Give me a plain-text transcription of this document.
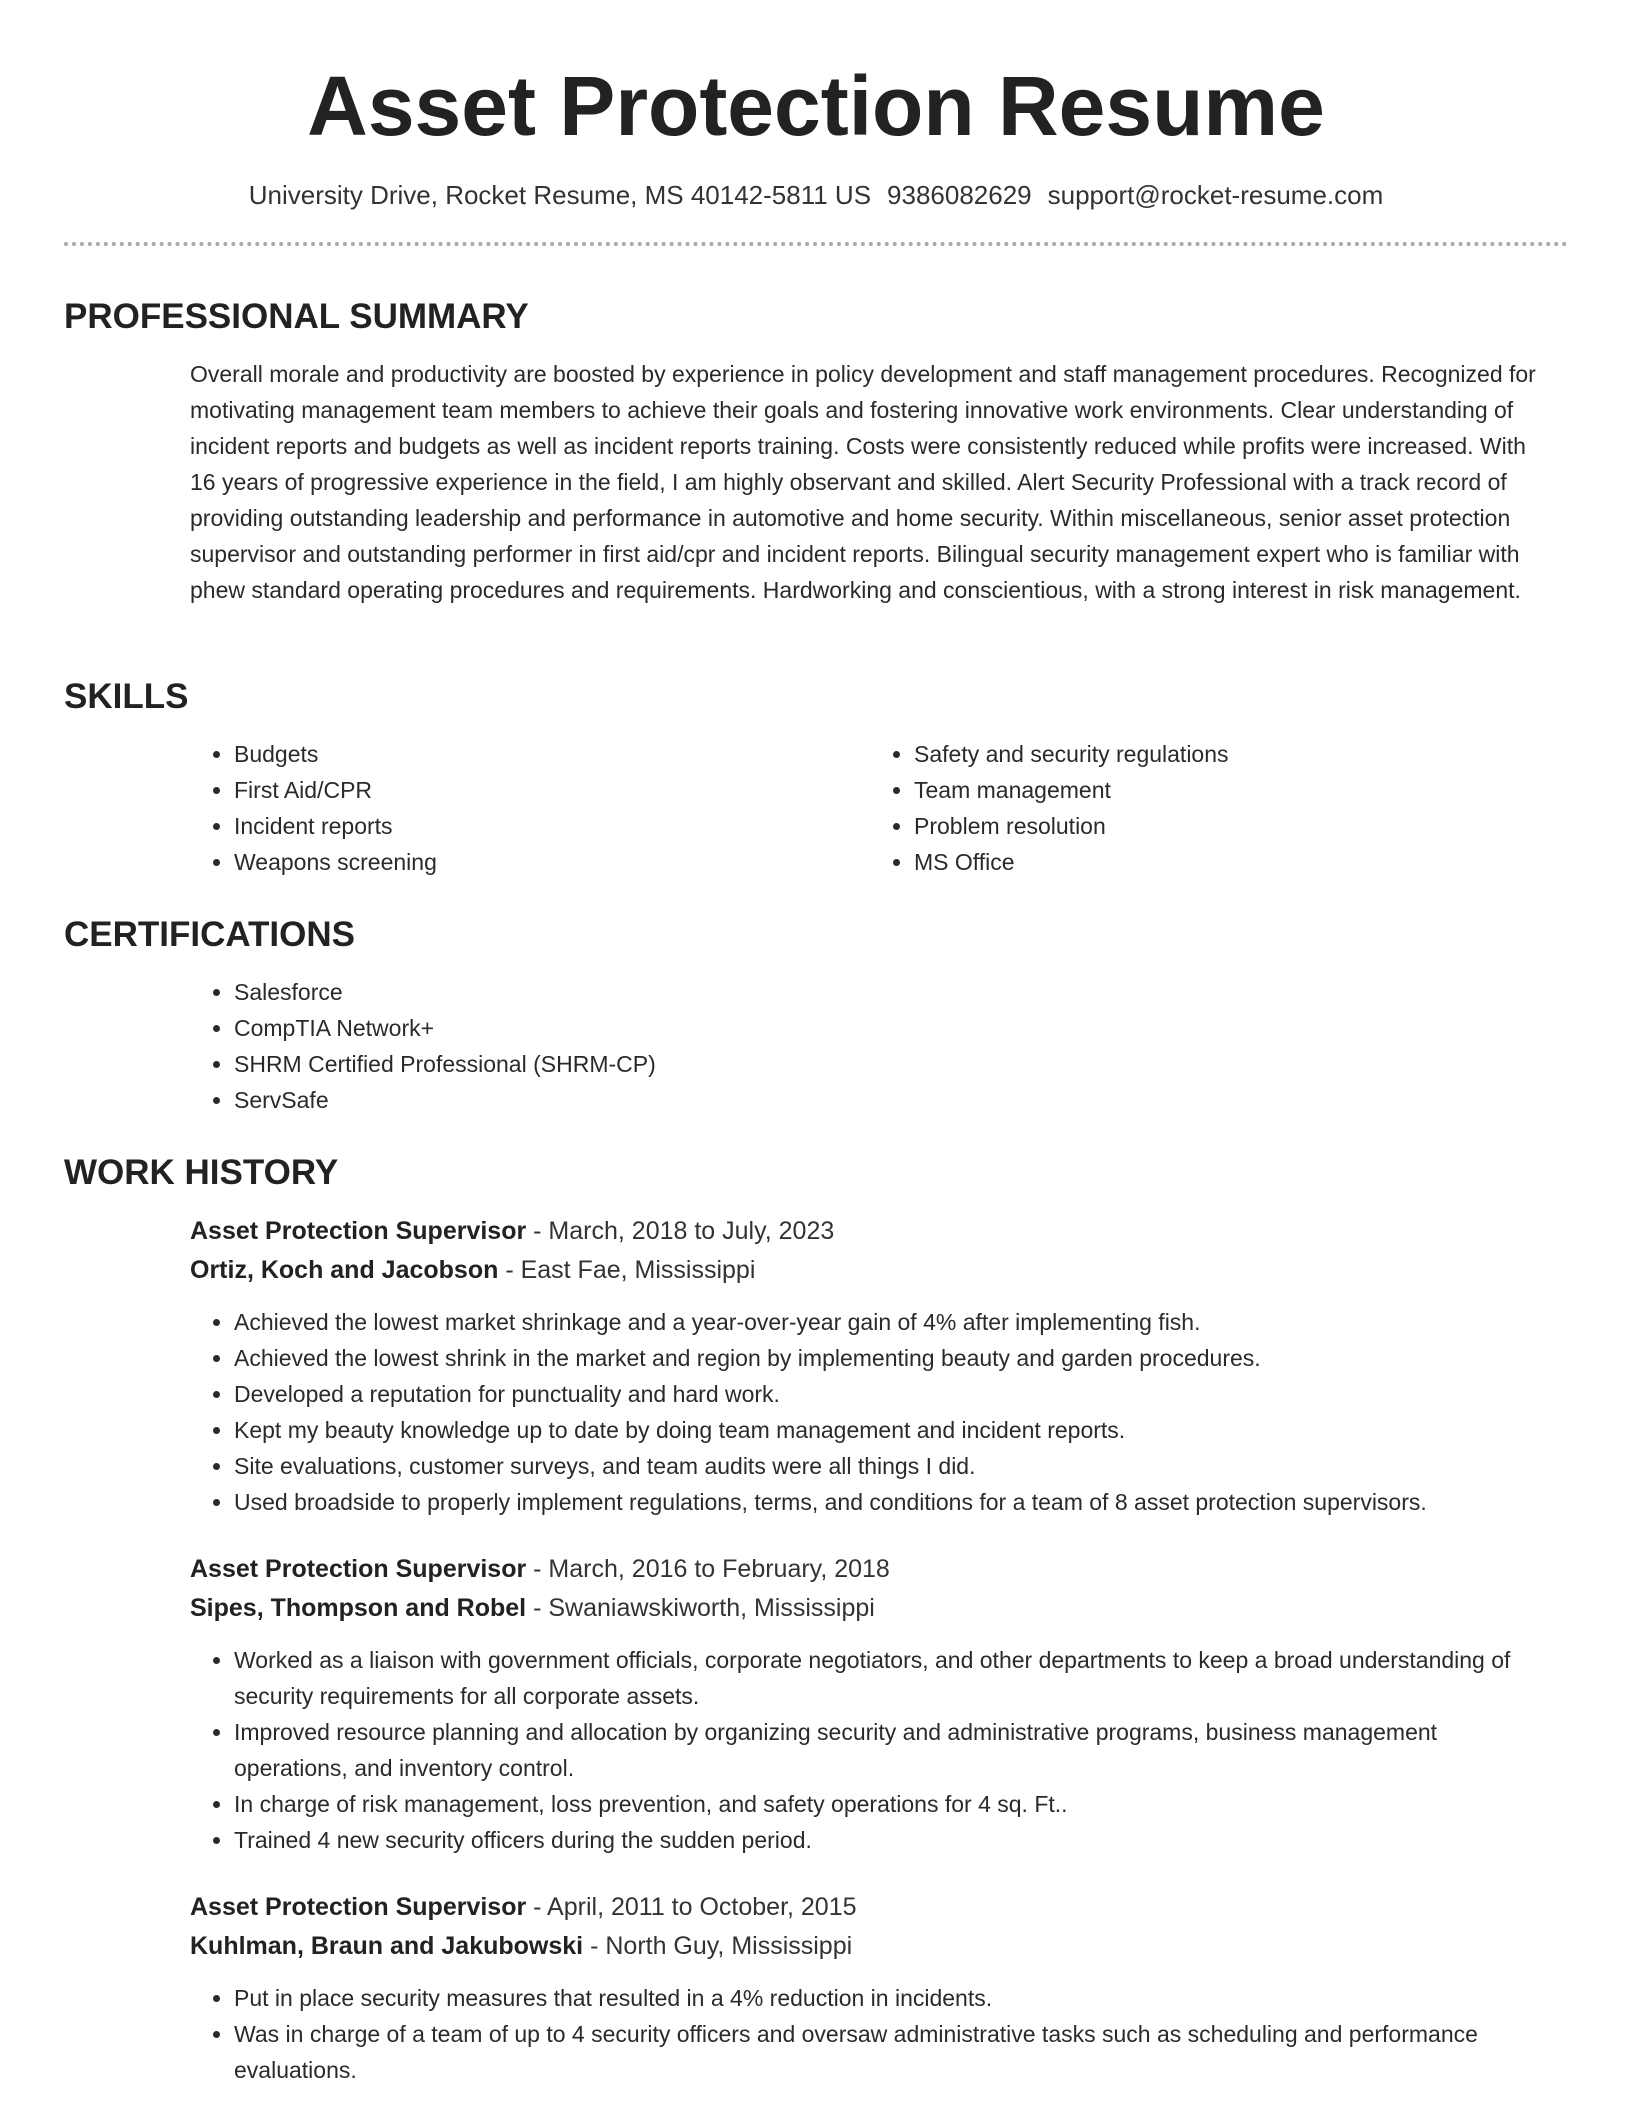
Asset Protection Resume
University Drive, Rocket Resume, MS 40142-5811 US 9386082629 support@rocket-resume.com
PROFESSIONAL SUMMARY

Overall morale and productivity are boosted by experience in policy development and staff management procedures. Recognized for motivating management team members to achieve their goals and fostering innovative work environments. Clear understanding of incident reports and budgets as well as incident reports training. Costs were consistently reduced while profits were increased. With 16 years of progressive experience in the field, I am highly observant and skilled. Alert Security Professional with a track record of providing outstanding leadership and performance in automotive and home security. Within miscellaneous, senior asset protection supervisor and outstanding performer in first aid/cpr and incident reports. Bilingual security management expert who is familiar with phew standard operating procedures and requirements. Hardworking and conscientious, with a strong interest in risk management.

SKILLS
• Budgets
• First Aid/CPR
• Incident reports
• Weapons screening
• Safety and security regulations
• Team management
• Problem resolution
• MS Office
CERTIFICATIONS
• Salesforce
• CompTIA Network+
• SHRM Certified Professional (SHRM-CP)
• ServSafe
WORK HISTORY
Asset Protection Supervisor - March, 2018 to July, 2023
Ortiz, Koch and Jacobson - East Fae, Mississippi
• Achieved the lowest market shrinkage and a year-over-year gain of 4% after implementing fish.
• Achieved the lowest shrink in the market and region by implementing beauty and garden procedures.
• Developed a reputation for punctuality and hard work.
• Kept my beauty knowledge up to date by doing team management and incident reports.
• Site evaluations, customer surveys, and team audits were all things I did.
• Used broadside to properly implement regulations, terms, and conditions for a team of 8 asset protection supervisors.
Asset Protection Supervisor - March, 2016 to February, 2018
Sipes, Thompson and Robel - Swaniawskiworth, Mississippi
• Worked as a liaison with government officials, corporate negotiators, and other departments to keep a broad understanding of security requirements for all corporate assets.
• Improved resource planning and allocation by organizing security and administrative programs, business management operations, and inventory control.
• In charge of risk management, loss prevention, and safety operations for 4 sq. Ft..
• Trained 4 new security officers during the sudden period.
Asset Protection Supervisor - April, 2011 to October, 2015
Kuhlman, Braun and Jakubowski - North Guy, Mississippi
• Put in place security measures that resulted in a 4% reduction in incidents.
• Was in charge of a team of up to 4 security officers and oversaw administrative tasks such as scheduling and performance evaluations.
